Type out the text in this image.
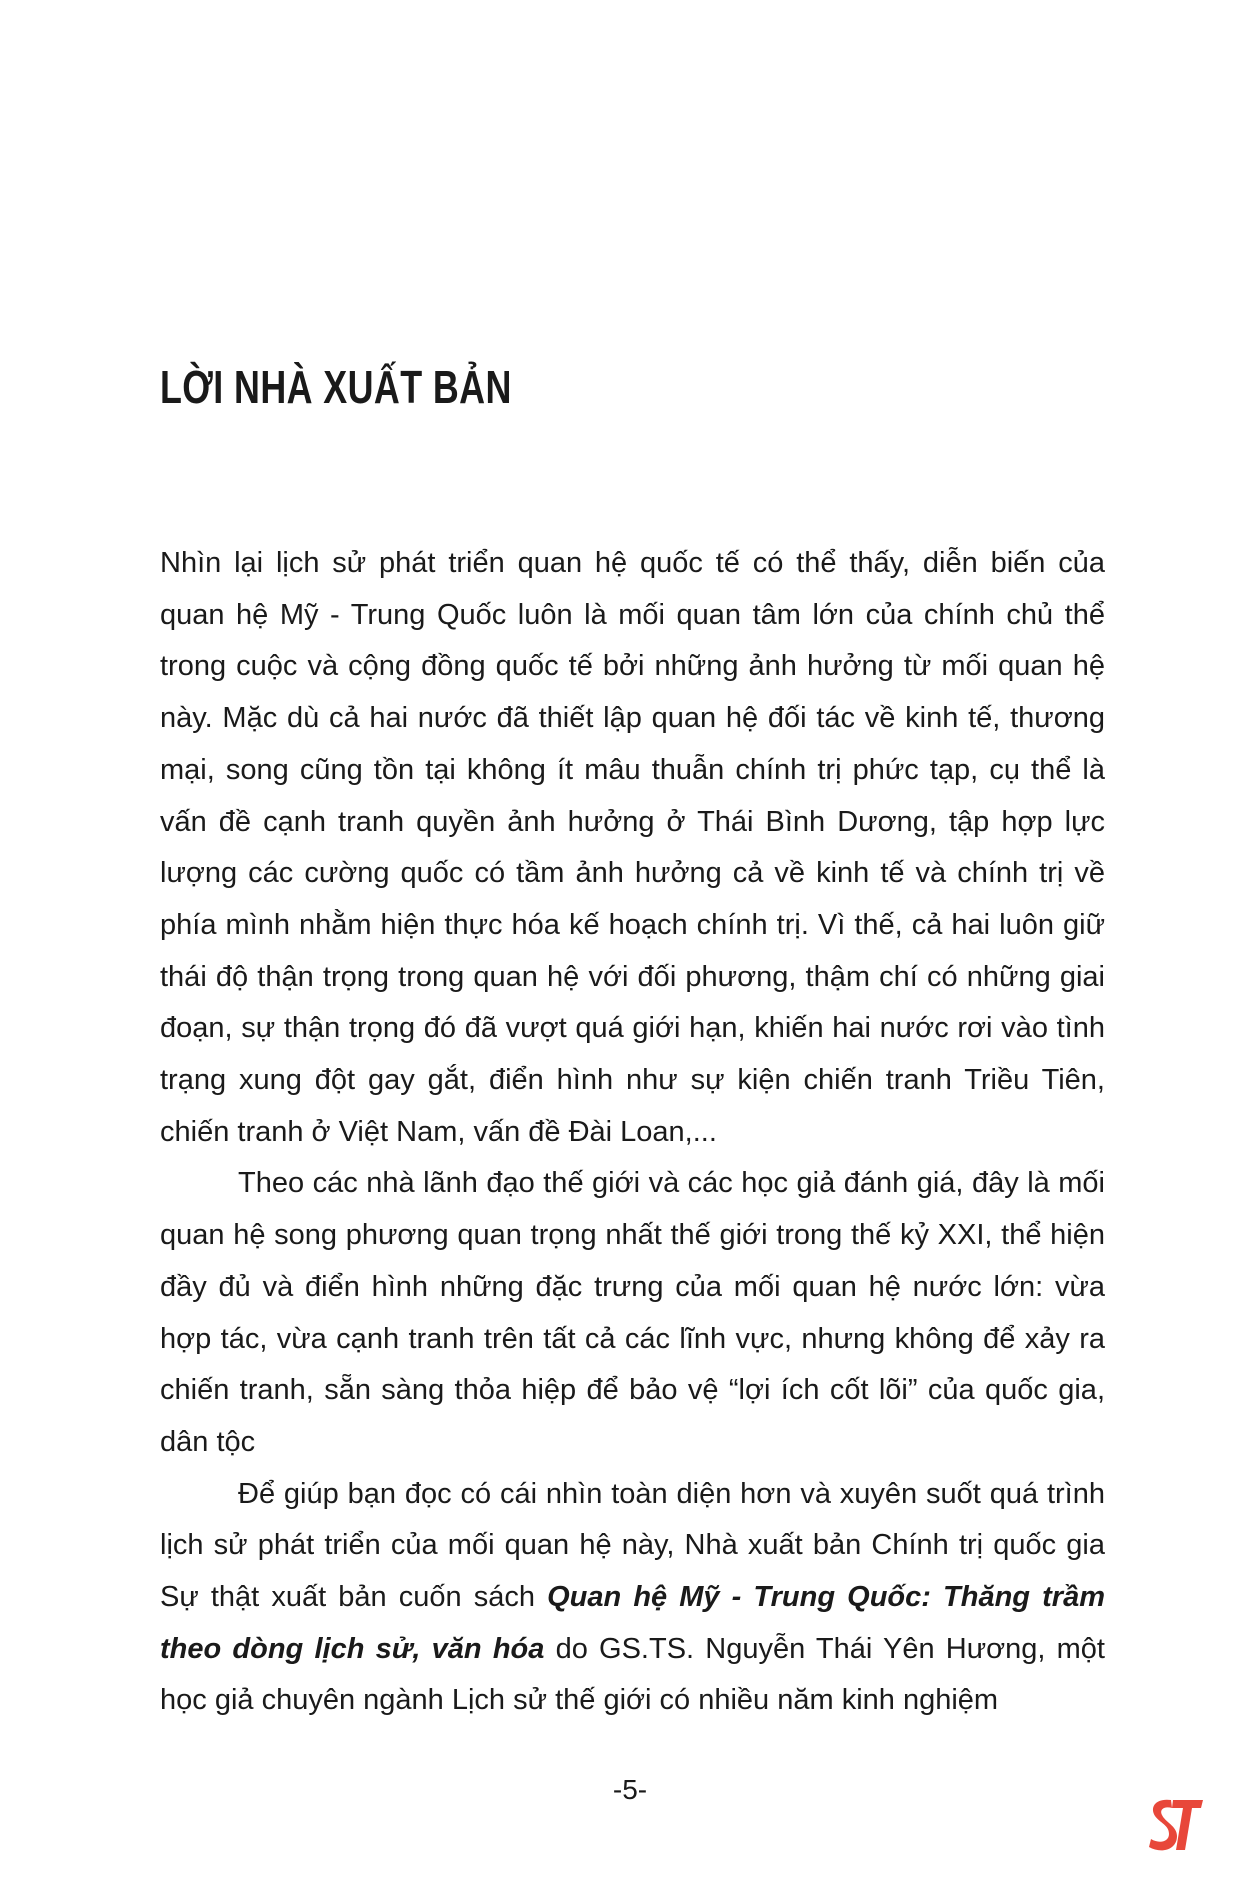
LỜI NHÀ XUẤT BẢN

Nhìn lại lịch sử phát triển quan hệ quốc tế có thể thấy, diễn biến của quan hệ Mỹ - Trung Quốc luôn là mối quan tâm lớn của chính chủ thể trong cuộc và cộng đồng quốc tế bởi những ảnh hưởng từ mối quan hệ này. Mặc dù cả hai nước đã thiết lập quan hệ đối tác về kinh tế, thương mại, song cũng tồn tại không ít mâu thuẫn chính trị phức tạp, cụ thể là vấn đề cạnh tranh quyền ảnh hưởng ở Thái Bình Dương, tập hợp lực lượng các cường quốc có tầm ảnh hưởng cả về kinh tế và chính trị về phía mình nhằm hiện thực hóa kế hoạch chính trị. Vì thế, cả hai luôn giữ thái độ thận trọng trong quan hệ với đối phương, thậm chí có những giai đoạn, sự thận trọng đó đã vượt quá giới hạn, khiến hai nước rơi vào tình trạng xung đột gay gắt, điển hình như sự kiện chiến tranh Triều Tiên, chiến tranh ở Việt Nam, vấn đề Đài Loan,...

Theo các nhà lãnh đạo thế giới và các học giả đánh giá, đây là mối quan hệ song phương quan trọng nhất thế giới trong thế kỷ XXI, thể hiện đầy đủ và điển hình những đặc trưng của mối quan hệ nước lớn: vừa hợp tác, vừa cạnh tranh trên tất cả các lĩnh vực, nhưng không để xảy ra chiến tranh, sẵn sàng thỏa hiệp để bảo vệ “lợi ích cốt lõi” của quốc gia, dân tộc

Để giúp bạn đọc có cái nhìn toàn diện hơn và xuyên suốt quá trình lịch sử phát triển của mối quan hệ này, Nhà xuất bản Chính trị quốc gia Sự thật xuất bản cuốn sách Quan hệ Mỹ - Trung Quốc: Thăng trầm theo dòng lịch sử, văn hóa do GS.TS. Nguyễn Thái Yên Hương, một học giả chuyên ngành Lịch sử thế giới có nhiều năm kinh nghiệm

-5-
